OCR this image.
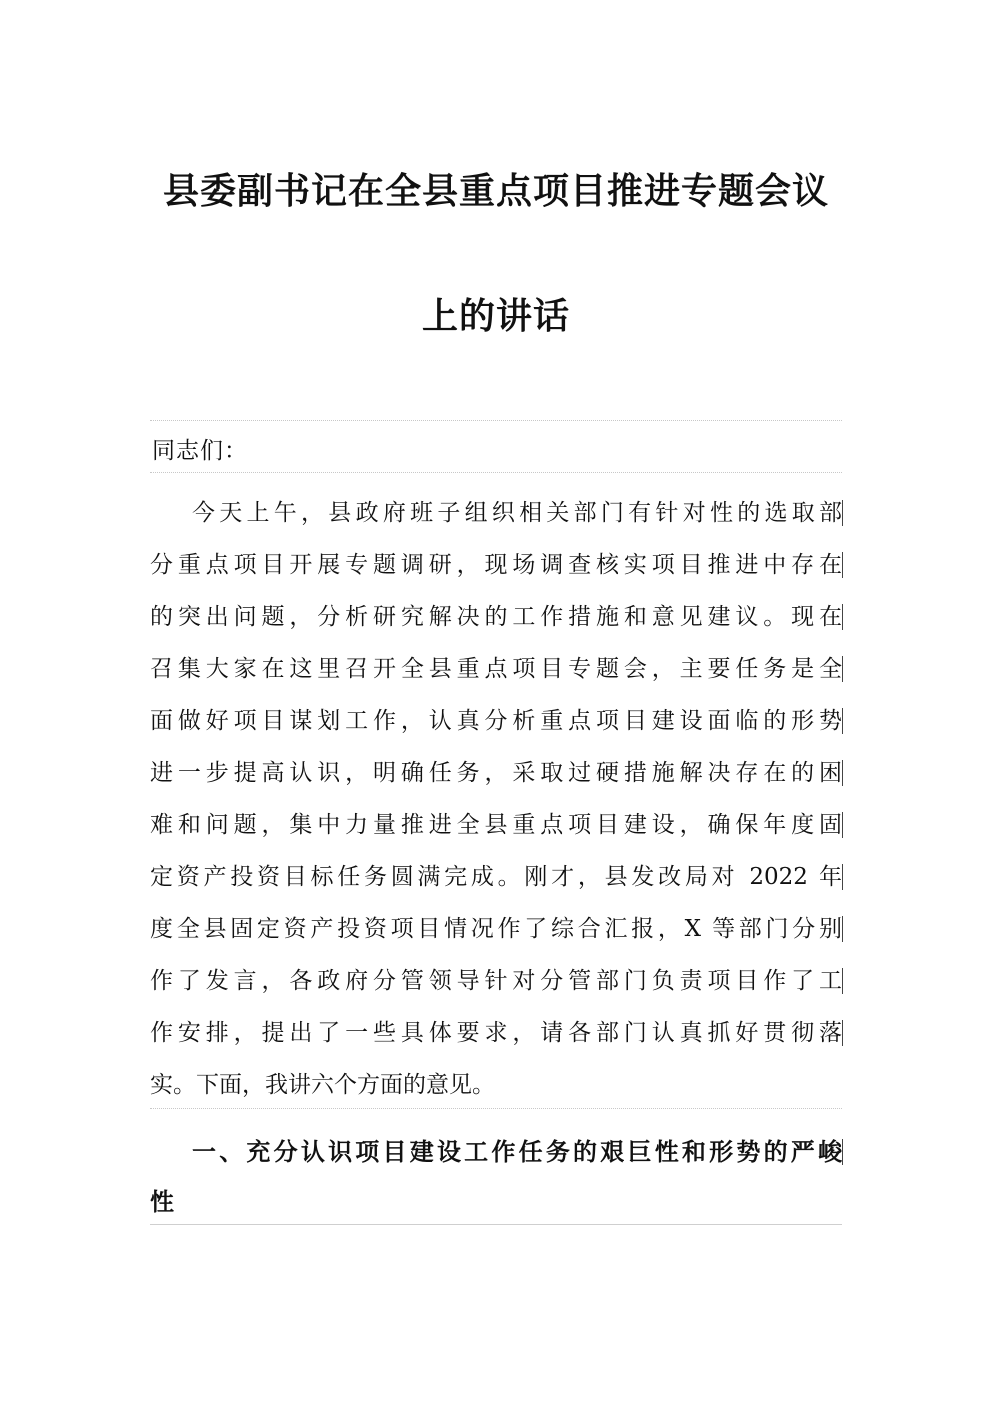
县委副书记在全县重点项目推进专题会议
上的讲话

同志们：

今天上午，县政府班子组织相关部门有针对性的选取部

分重点项目开展专题调研，现场调查核实项目推进中存在

的突出问题，分析研究解决的工作措施和意见建议。现在

召集大家在这里召开全县重点项目专题会，主要任务是全

面做好项目谋划工作，认真分析重点项目建设面临的形势

进一步提高认识，明确任务，采取过硬措施解决存在的困

难和问题，集中力量推进全县重点项目建设，确保年度固

定资产投资目标任务圆满完成。刚才，县发改局对 2022 年

度全县固定资产投资项目情况作了综合汇报，X 等部门分别

作了发言，各政府分管领导针对分管部门负责项目作了工

作安排，提出了一些具体要求，请各部门认真抓好贯彻落

实。下面，我讲六个方面的意见。

一、充分认识项目建设工作任务的艰巨性和形势的严峻

性
